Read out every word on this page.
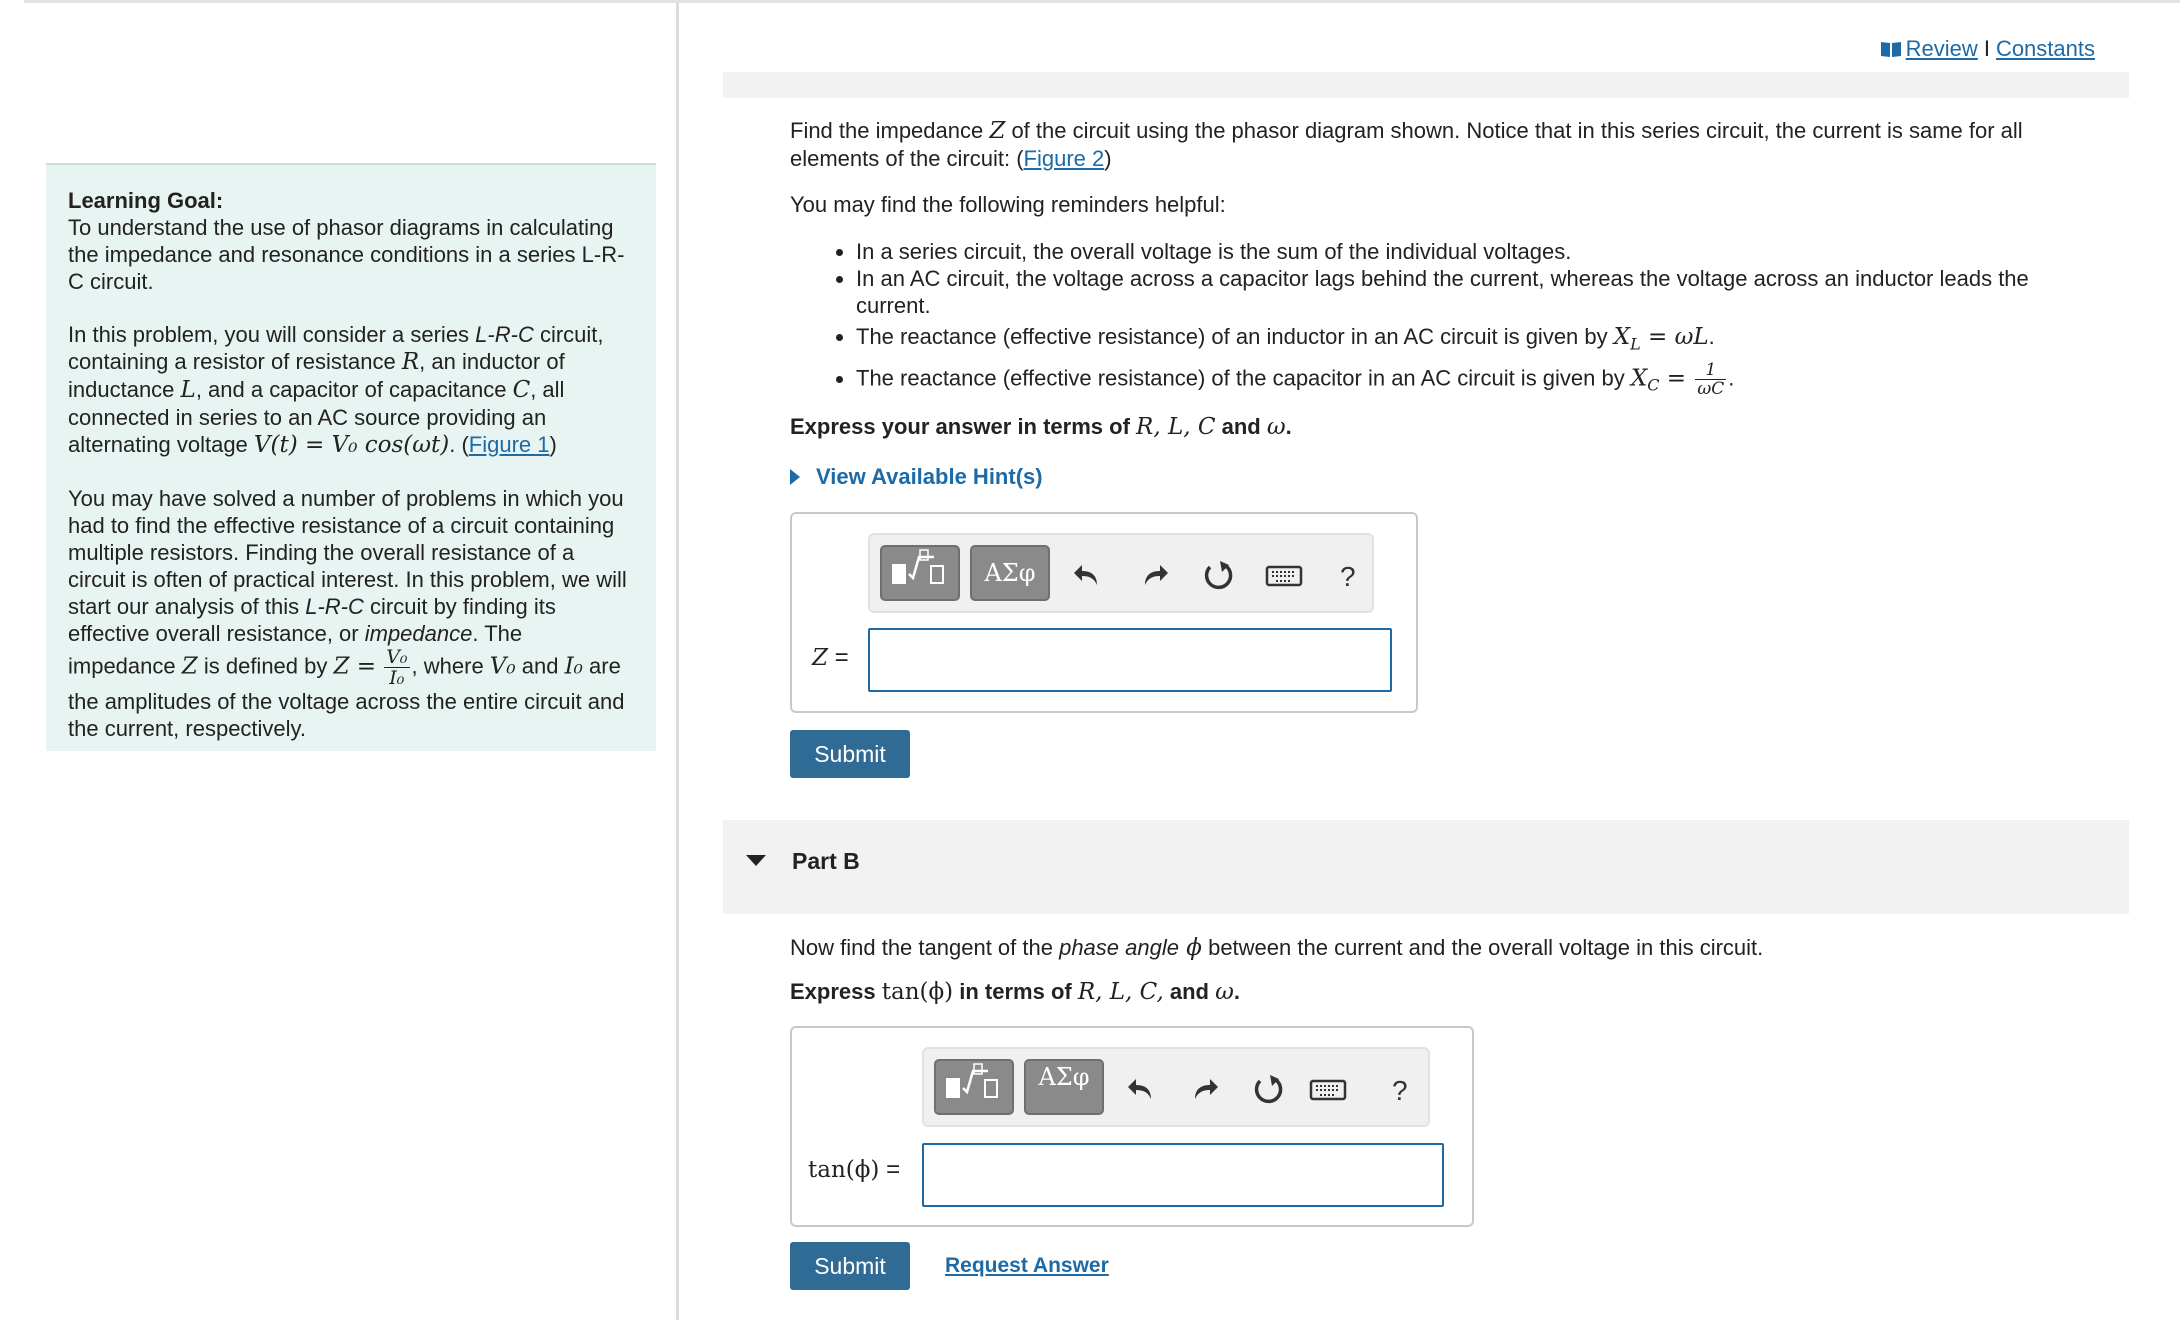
Learning Goal:
To understand the use of phasor diagrams in calculating the impedance and resonance conditions in a series L-R-C circuit.

In this problem, you will consider a series L-R-C circuit, containing a resistor of resistance R, an inductor of inductance L, and a capacitor of capacitance C, all connected in series to an AC source providing an alternating voltage V(t) = V₀ cos(ωt). (Figure 1)

You may have solved a number of problems in which you had to find the effective resistance of a circuit containing multiple resistors. Finding the overall resistance of a circuit is often of practical interest. In this problem, we will start our analysis of this L-R-C circuit by finding its effective overall resistance, or impedance. The impedance Z is defined by $Z = \frac{\text{V₀}}{\text{I₀}}$ , where V₀ and I₀ are the amplitudes of the voltage across the entire circuit and the current, respectively.

Review I Constants
Find the impedance Z of the circuit using the phasor diagram shown. Notice that in this series circuit, the current is same for all elements of the circuit: (Figure 2)
You may find the following reminders helpful:
• In a series circuit, the overall voltage is the sum of the individual voltages.
• In an AC circuit, the voltage across a capacitor lags behind the current, whereas the voltage across an inductor leads the current.
• The reactance (effective resistance) of an inductor in an AC circuit is given by $X_L = \omega L$.
• The reactance (effective resistance) of the capacitor in an AC circuit is given by $X_C = \frac{1}{\omega C}$ .
Express your answer in terms of R, L, C and ω.
View Available Hint(s)
ΑΣφ	?
Z =
Submit
Part B
Now find the tangent of the phase angle ϕ between the current and the overall voltage in this circuit.
Express tan(ϕ) in terms of R, L, C, and ω.
ΑΣφ	?
tan(ϕ) =
Submit	Request Answer
